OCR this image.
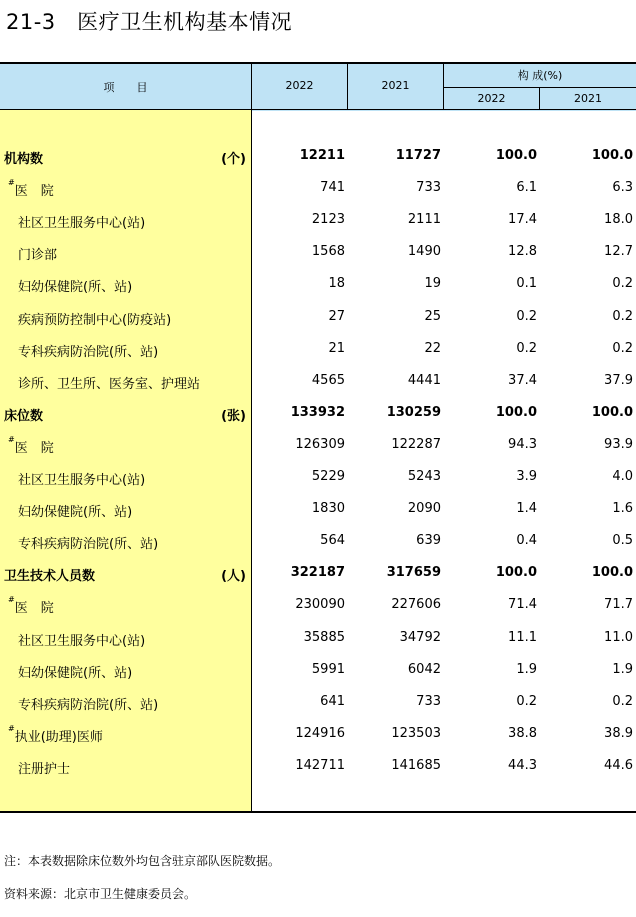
21-3　医疗卫生机构基本情况
项　　目	2022	2021
构 成(%)
2022	2021
机构数	(个)	12211	11727	100.0	100.0
#医　院	741	733	6.1	6.3
社区卫生服务中心(站)	2123	2111	17.4	18.0
门诊部	1568	1490	12.8	12.7
妇幼保健院(所、站)	18	19	0.1	0.2
疾病预防控制中心(防疫站)	27	25	0.2	0.2
专科疾病防治院(所、站)	21	22	0.2	0.2
诊所、卫生所、医务室、护理站	4565	4441	37.4	37.9
床位数	(张)	133932	130259	100.0	100.0
#医　院	126309	122287	94.3	93.9
社区卫生服务中心(站)	5229	5243	3.9	4.0
妇幼保健院(所、站)	1830	2090	1.4	1.6
专科疾病防治院(所、站)	564	639	0.4	0.5
卫生技术人员数	(人)	322187	317659	100.0	100.0
#医　院	230090	227606	71.4	71.7
社区卫生服务中心(站)	35885	34792	11.1	11.0
妇幼保健院(所、站)	5991	6042	1.9	1.9
专科疾病防治院(所、站)	641	733	0.2	0.2
#执业(助理)医师	124916	123503	38.8	38.9
注册护士	142711	141685	44.3	44.6
注：本表数据除床位数外均包含驻京部队医院数据。
资料来源：北京市卫生健康委员会。
